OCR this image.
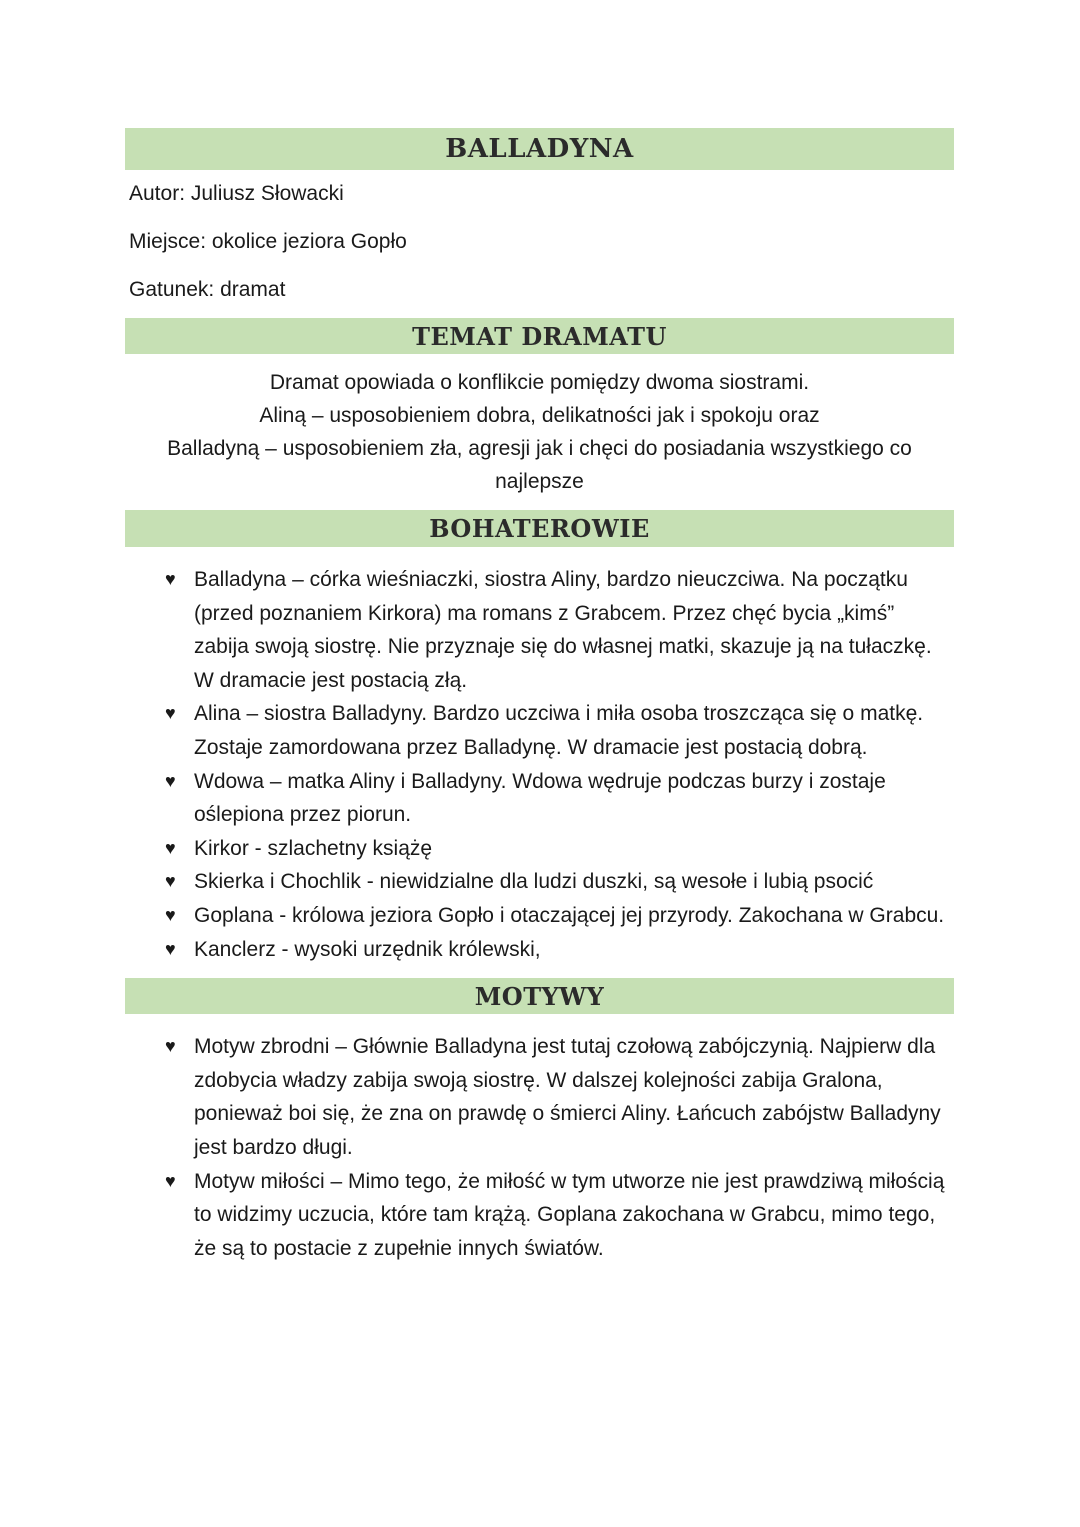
BALLADYNA
Autor : Juliusz Słowacki
Miejsce : okolice jeziora Gopło
Gatunek : dramat
TEMAT DRAMATU
Dramat opowiada o konflikcie pomiędzy dwoma siostrami.
Aliną – usposobieniem dobra, delikatności jak i spokoju oraz
Balladyną – usposobieniem zła, agresji jak i chęci do posiadania wszystkiego co
najlepsze
BOHATEROWIE
♥ Balladyna – córka wieśniaczki, siostra Aliny, bardzo nieuczciwa. Na początku (przed poznaniem Kirkora) ma romans z Grabcem. Przez chęć bycia „kimś” zabija swoją siostrę. Nie przyznaje się do własnej matki, skazuje ją na tułaczkę. W dramacie jest postacią złą.
♥ Alina – siostra Balladyny. Bardzo uczciwa i miła osoba troszcząca się o matkę. Zostaje zamordowana przez Balladynę. W dramacie jest postacią dobrą.
♥ Wdowa – matka Aliny i Balladyny. Wdowa wędruje podczas burzy i zostaje oślepiona przez piorun.
♥ Kirkor - szlachetny książę
♥ Skierka i Chochlik - niewidzialne dla ludzi duszki, są wesołe i lubią psocić
♥ Goplana - królowa jeziora Gopło i otaczającej jej przyrody. Zakochana w Grabcu.
♥ Kanclerz - wysoki urzędnik królewski,
MOTYWY
♥ Motyw zbrodni – Głównie Balladyna jest tutaj czołową zabójczynią. Najpierw dla zdobycia władzy zabija swoją siostrę. W dalszej kolejności zabija Gralona, ponieważ boi się, że zna on prawdę o śmierci Aliny. Łańcuch zabójstw Balladyny jest bardzo długi.
♥ Motyw miłości – Mimo tego, że miłość w tym utworze nie jest prawdziwą miłością to widzimy uczucia, które tam krążą. Goplana zakochana w Grabcu, mimo tego, że są to postacie z zupełnie innych światów.
